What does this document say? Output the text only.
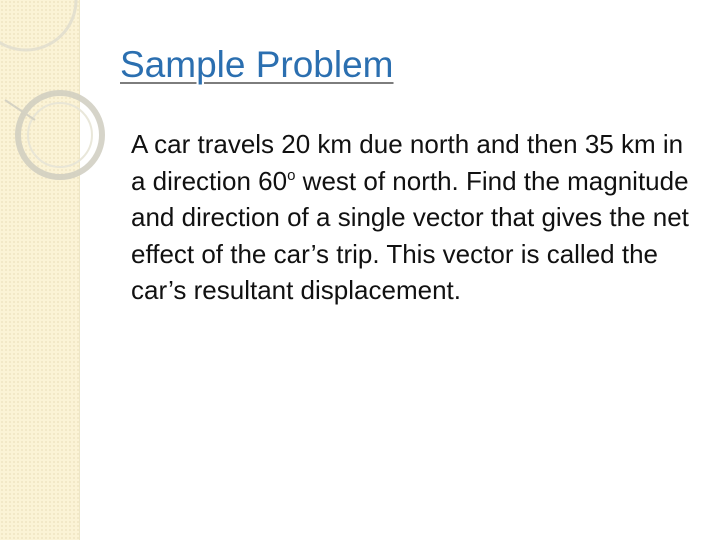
Sample Problem

A car travels 20 km due north and then 35 km in a direction 60$^o$ west of north. Find the magnitude and direction of a single vector that gives the net effect of the car’s trip. This vector is called the car’s resultant displacement.
